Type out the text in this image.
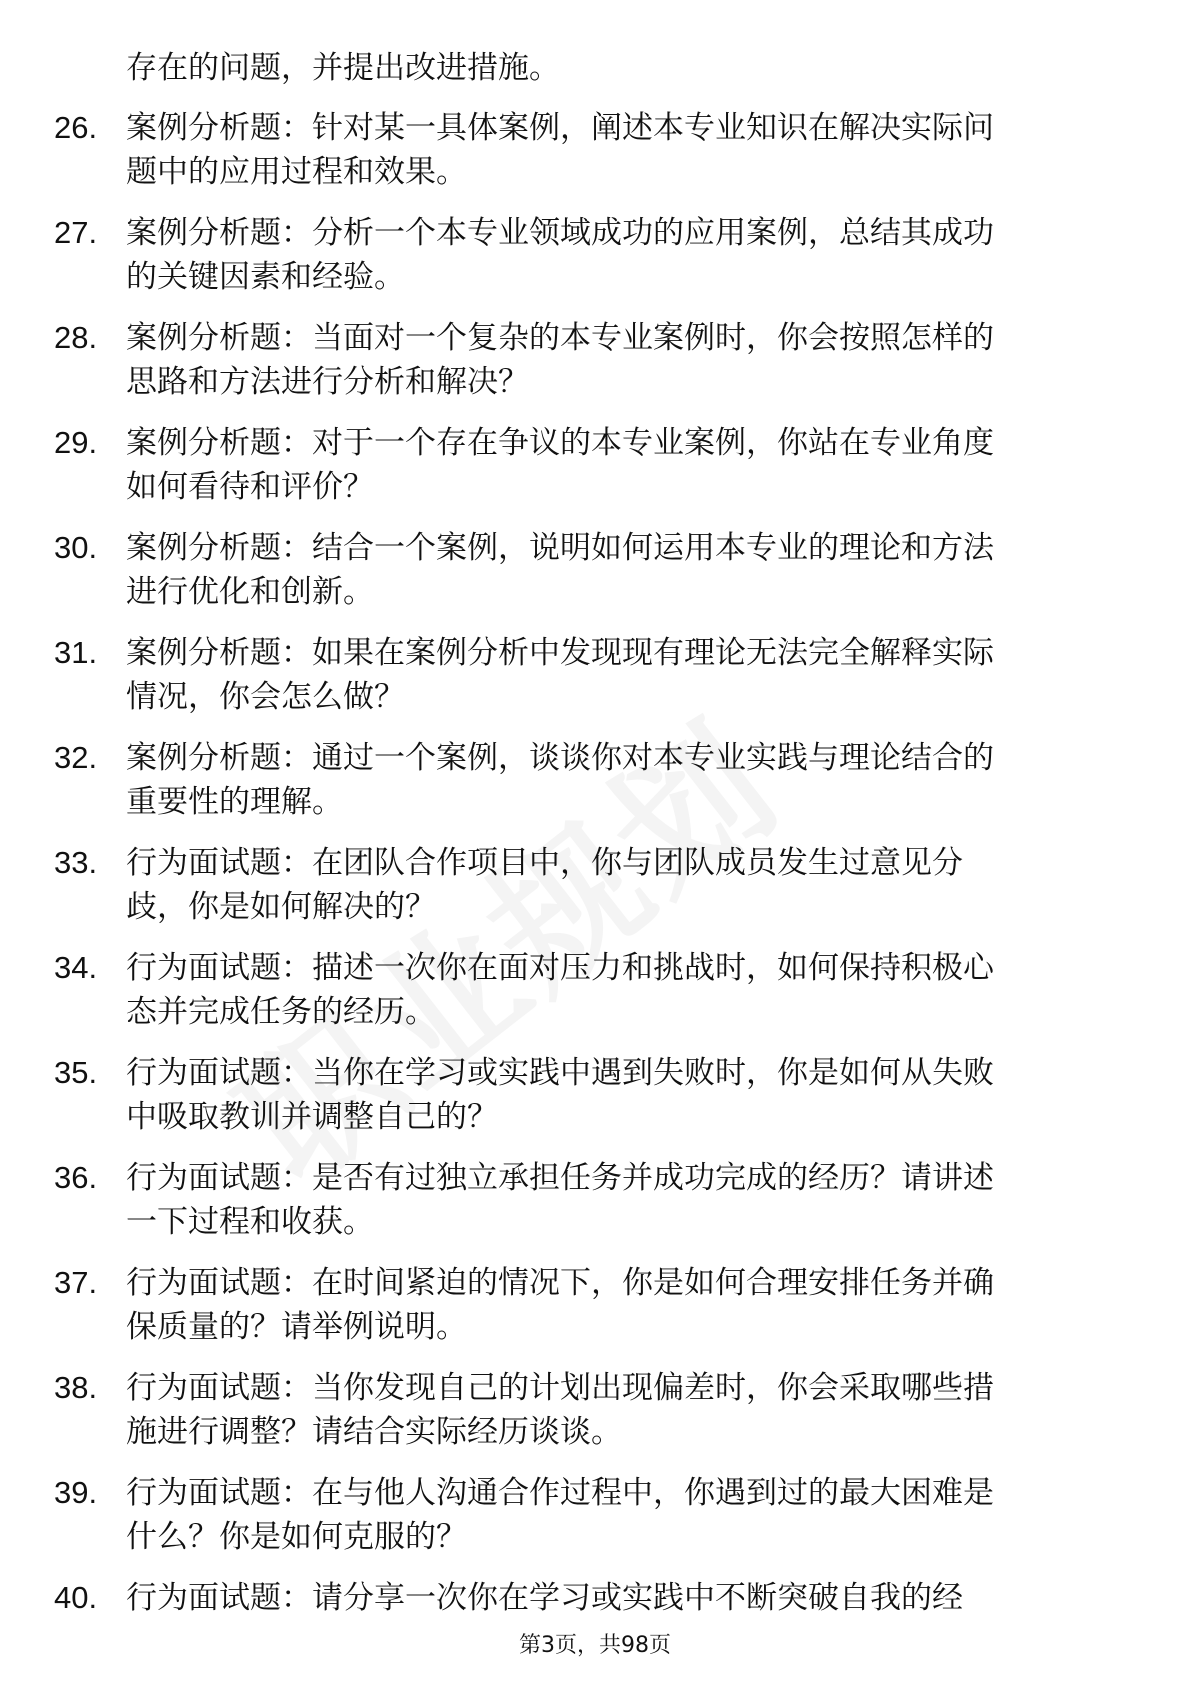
存在的问题，并提出改进措施。
26. 案例分析题：针对某一具体案例，阐述本专业知识在解决实际问
题中的应用过程和效果。
27. 案例分析题：分析一个本专业领域成功的应用案例，总结其成功
的关键因素和经验。
28. 案例分析题：当面对一个复杂的本专业案例时，你会按照怎样的
思路和方法进行分析和解决？
29. 案例分析题：对于一个存在争议的本专业案例，你站在专业角度
如何看待和评价？
30. 案例分析题：结合一个案例，说明如何运用本专业的理论和方法
进行优化和创新。
31. 案例分析题：如果在案例分析中发现现有理论无法完全解释实际
情况，你会怎么做？
32. 案例分析题：通过一个案例，谈谈你对本专业实践与理论结合的
重要性的理解。
33. 行为面试题：在团队合作项目中，你与团队成员发生过意见分
歧，你是如何解决的？
34. 行为面试题：描述一次你在面对压力和挑战时，如何保持积极心
态并完成任务的经历。
35. 行为面试题：当你在学习或实践中遇到失败时，你是如何从失败
中吸取教训并调整自己的？
36. 行为面试题：是否有过独立承担任务并成功完成的经历？请讲述
一下过程和收获。
37. 行为面试题：在时间紧迫的情况下，你是如何合理安排任务并确
保质量的？请举例说明。
38. 行为面试题：当你发现自己的计划出现偏差时，你会采取哪些措
施进行调整？请结合实际经历谈谈。
39. 行为面试题：在与他人沟通合作过程中，你遇到过的最大困难是
什么？你是如何克服的？
40. 行为面试题：请分享一次你在学习或实践中不断突破自我的经
第3页，共98页
